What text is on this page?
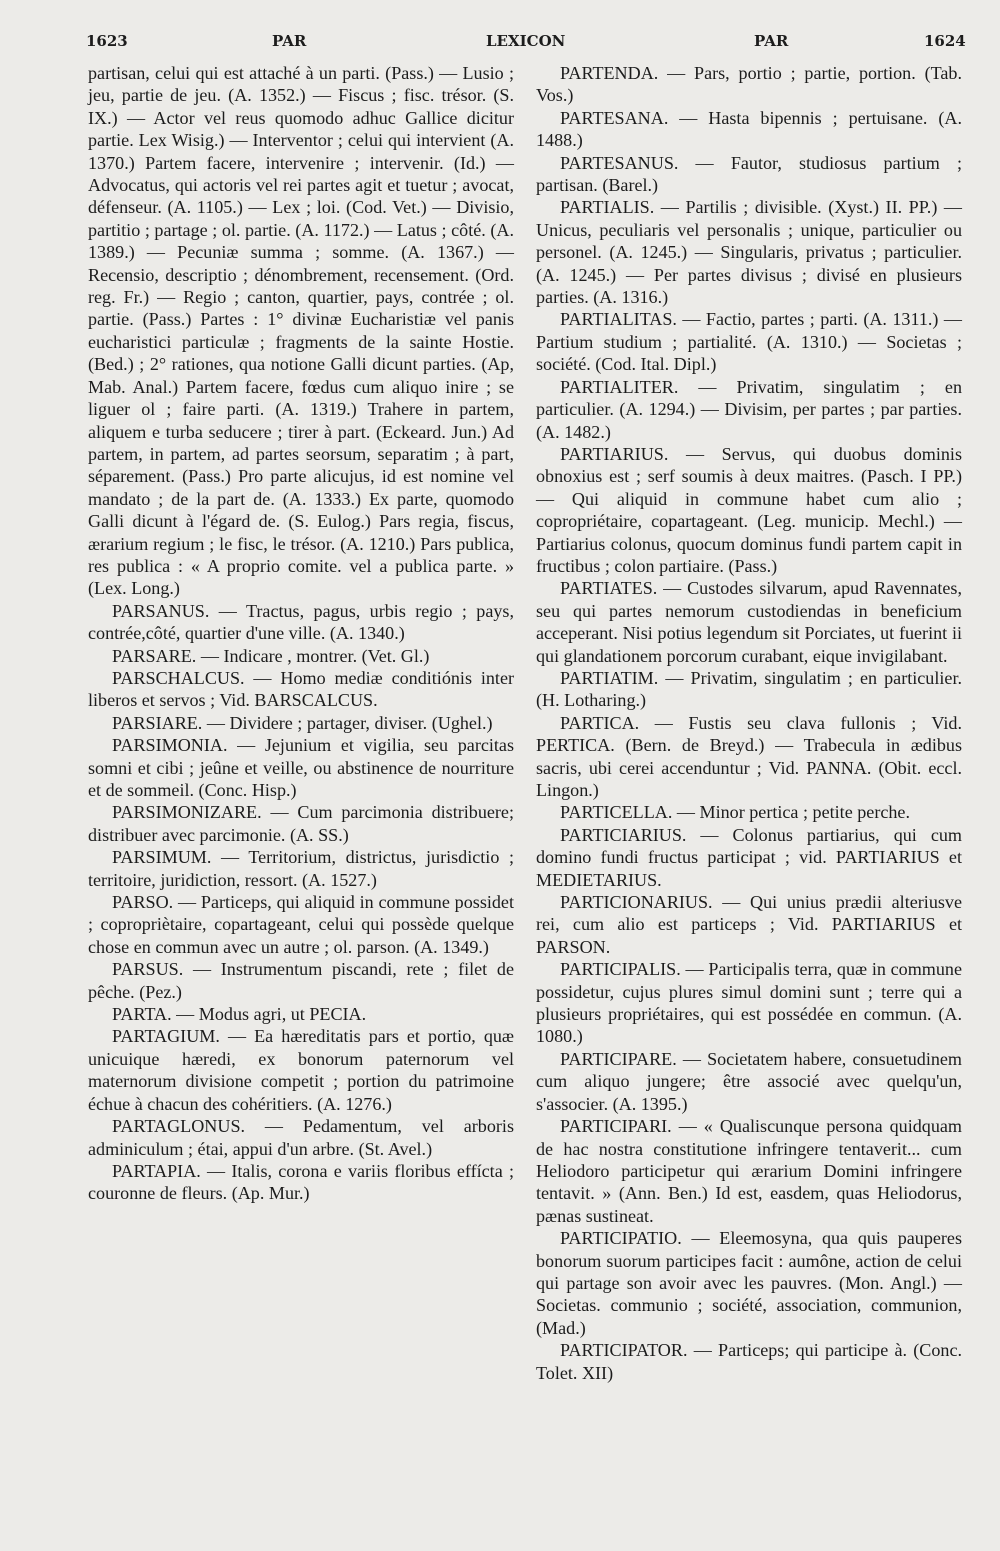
1623	PAR	LEXICON	PAR	1624

partisan, celui qui est attaché à un parti. (Pass.) — Lusio ; jeu, partie de jeu. (A. 1352.) — Fiscus ; fisc. trésor. (S. IX.) — Actor vel reus quomodo adhuc Gallice dicitur partie. Lex Wisig.) — Interventor ; celui qui intervient (A. 1370.) Partem facere, intervenire ; intervenir. (Id.) — Advocatus, qui actoris vel rei partes agit et tuetur ; avocat, défenseur. (A. 1105.) — Lex ; loi. (Cod. Vet.) — Divisio, partitio ; partage ; ol. partie. (A. 1172.) — Latus ; côté. (A. 1389.) — Pecuniæ summa ; somme. (A. 1367.) — Recensio, descriptio ; dénombrement, recensement. (Ord. reg. Fr.) — Regio ; canton, quartier, pays, contrée ; ol. partie. (Pass.) Partes : 1° divinæ Eucharistiæ vel panis eucharistici particulæ ; fragments de la sainte Hostie. (Bed.) ; 2° rationes, qua notione Galli dicunt parties. (Ap, Mab. Anal.) Partem facere, fœdus cum aliquo inire ; se liguer ol ; faire parti. (A. 1319.) Trahere in partem, aliquem e turba seducere ; tirer à part. (Eckeard. Jun.) Ad partem, in partem, ad partes seorsum, separatim ; à part, séparement. (Pass.) Pro parte alicujus, id est nomine vel mandato ; de la part de. (A. 1333.) Ex parte, quomodo Galli dicunt à l'égard de. (S. Eulog.) Pars regia, fiscus, ærarium regium ; le fisc, le trésor. (A. 1210.) Pars publica, res publica : « A proprio comite. vel a publica parte. » (Lex. Long.)

PARSANUS. — Tractus, pagus, urbis regio ; pays, contrée,côté, quartier d'une ville. (A. 1340.)

PARSARE. — Indicare , montrer. (Vet. Gl.)

PARSCHALCUS. — Homo mediæ conditiónis inter liberos et servos ; Vid. BARSCALCUS.

PARSIARE. — Dividere ; partager, diviser. (Ughel.)

PARSIMONIA. — Jejunium et vigilia, seu parcitas somni et cibi ; jeûne et veille, ou abstinence de nourriture et de sommeil. (Conc. Hisp.)

PARSIMONIZARE. — Cum parcimonia distribuere; distribuer avec parcimonie. (A. SS.)

PARSIMUM. — Territorium, districtus, jurisdictio ; territoire, juridiction, ressort. (A. 1527.)

PARSO. — Particeps, qui aliquid in commune possidet ; copropriètaire, copartageant, celui qui possède quelque chose en commun avec un autre ; ol. parson. (A. 1349.)

PARSUS. — Instrumentum piscandi, rete ; filet de pêche. (Pez.)

PARTA. — Modus agri, ut PECIA.

PARTAGIUM. — Ea hæreditatis pars et portio, quæ unicuique hæredi, ex bonorum paternorum vel maternorum divisione competit ; portion du patrimoine échue à chacun des cohéritiers. (A. 1276.)

PARTAGLONUS. — Pedamentum, vel arboris adminiculum ; étai, appui d'un arbre. (St. Avel.)

PARTAPIA. — Italis, corona e variis floribus effícta ; couronne de fleurs. (Ap. Mur.)

PARTENDA. — Pars, portio ; partie, portion. (Tab. Vos.)

PARTESANA. — Hasta bipennis ; pertuisane. (A. 1488.)

PARTESANUS. — Fautor, studiosus partium ; partisan. (Barel.)

PARTIALIS. — Partilis ; divisible. (Xyst.) II. PP.) — Unicus, peculiaris vel personalis ; unique, particulier ou personel. (A. 1245.) — Singularis, privatus ; particulier. (A. 1245.) — Per partes divisus ; divisé en plusieurs parties. (A. 1316.)

PARTIALITAS. — Factio, partes ; parti. (A. 1311.) — Partium studium ; partialité. (A. 1310.) — Societas ; société. (Cod. Ital. Dipl.)

PARTIALITER. — Privatim, singulatim ; en particulier. (A. 1294.) — Divisim, per partes ; par parties. (A. 1482.)

PARTIARIUS. — Servus, qui duobus dominis obnoxius est ; serf soumis à deux maitres. (Pasch. I PP.) — Qui aliquid in commune habet cum alio ; copropriétaire, copartageant. (Leg. municip. Mechl.) — Partiarius colonus, quocum dominus fundi partem capit in fructibus ; colon partiaire. (Pass.)

PARTIATES. — Custodes silvarum, apud Ravennates, seu qui partes nemorum custodiendas in beneficium acceperant. Nisi potius legendum sit Porciates, ut fuerint ii qui glandationem porcorum curabant, eique invigilabant.

PARTIATIM. — Privatim, singulatim ; en particulier. (H. Lotharing.)

PARTICA. — Fustis seu clava fullonis ; Vid. PERTICA. (Bern. de Breyd.) — Trabecula in ædibus sacris, ubi cerei accenduntur ; Vid. PANNA. (Obit. eccl. Lingon.)

PARTICELLA. — Minor pertica ; petite perche.

PARTICIARIUS. — Colonus partiarius, qui cum domino fundi fructus participat ; vid. PARTIARIUS et MEDIETARIUS.

PARTICIONARIUS. — Qui unius prædii alteriusve rei, cum alio est particeps ; Vid. PARTIARIUS et PARSON.

PARTICIPALIS. — Participalis terra, quæ in commune possidetur, cujus plures simul domini sunt ; terre qui a plusieurs propriétaires, qui est possédée en commun. (A. 1080.)

PARTICIPARE. — Societatem habere, consuetudinem cum aliquo jungere; être associé avec quelqu'un, s'associer. (A. 1395.)

PARTICIPARI. — « Qualiscunque persona quidquam de hac nostra constitutione infringere tentaverit... cum Heliodoro participetur qui ærarium Domini infringere tentavit. » (Ann. Ben.) Id est, easdem, quas Heliodorus, pænas sustineat.

PARTICIPATIO. — Eleemosyna, qua quis pauperes bonorum suorum participes facit : aumône, action de celui qui partage son avoir avec les pauvres. (Mon. Angl.) — Societas. communio ; société, association, communion, (Mad.)

PARTICIPATOR. — Particeps; qui participe à. (Conc. Tolet. XII)
